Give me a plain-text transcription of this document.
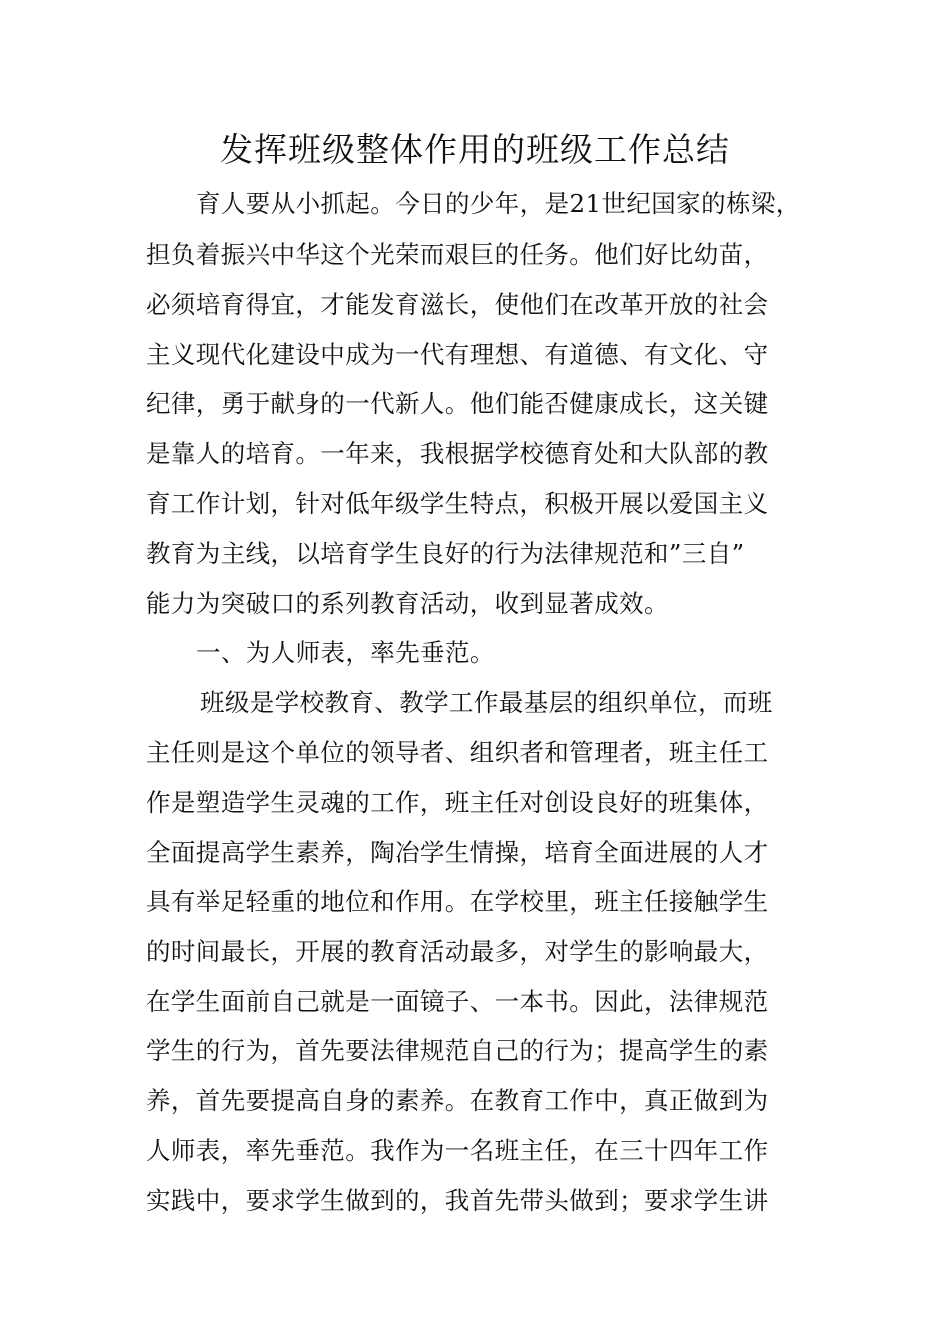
发挥班级整体作用的班级工作总结
育人要从小抓起。今日的少年，是21世纪国家的栋梁，
担负着振兴中华这个光荣而艰巨的任务。他们好比幼苗，
必须培育得宜，才能发育滋长，使他们在改革开放的社会
主义现代化建设中成为一代有理想、有道德、有文化、守
纪律，勇于献身的一代新人。他们能否健康成长，这关键
是靠人的培育。一年来，我根据学校德育处和大队部的教
育工作计划，针对低年级学生特点，积极开展以爱国主义
教育为主线，以培育学生良好的行为法律规范和”三自”
能力为突破口的系列教育活动，收到显著成效。
一、为人师表，率先垂范。
班级是学校教育、教学工作最基层的组织单位，而班
主任则是这个单位的领导者、组织者和管理者，班主任工
作是塑造学生灵魂的工作，班主任对创设良好的班集体，
全面提高学生素养，陶冶学生情操，培育全面进展的人才
具有举足轻重的地位和作用。在学校里，班主任接触学生
的时间最长，开展的教育活动最多，对学生的影响最大，
在学生面前自己就是一面镜子、一本书。因此，法律规范
学生的行为，首先要法律规范自己的行为；提高学生的素
养，首先要提高自身的素养。在教育工作中，真正做到为
人师表，率先垂范。我作为一名班主任，在三十四年工作
实践中，要求学生做到的，我首先带头做到；要求学生讲
